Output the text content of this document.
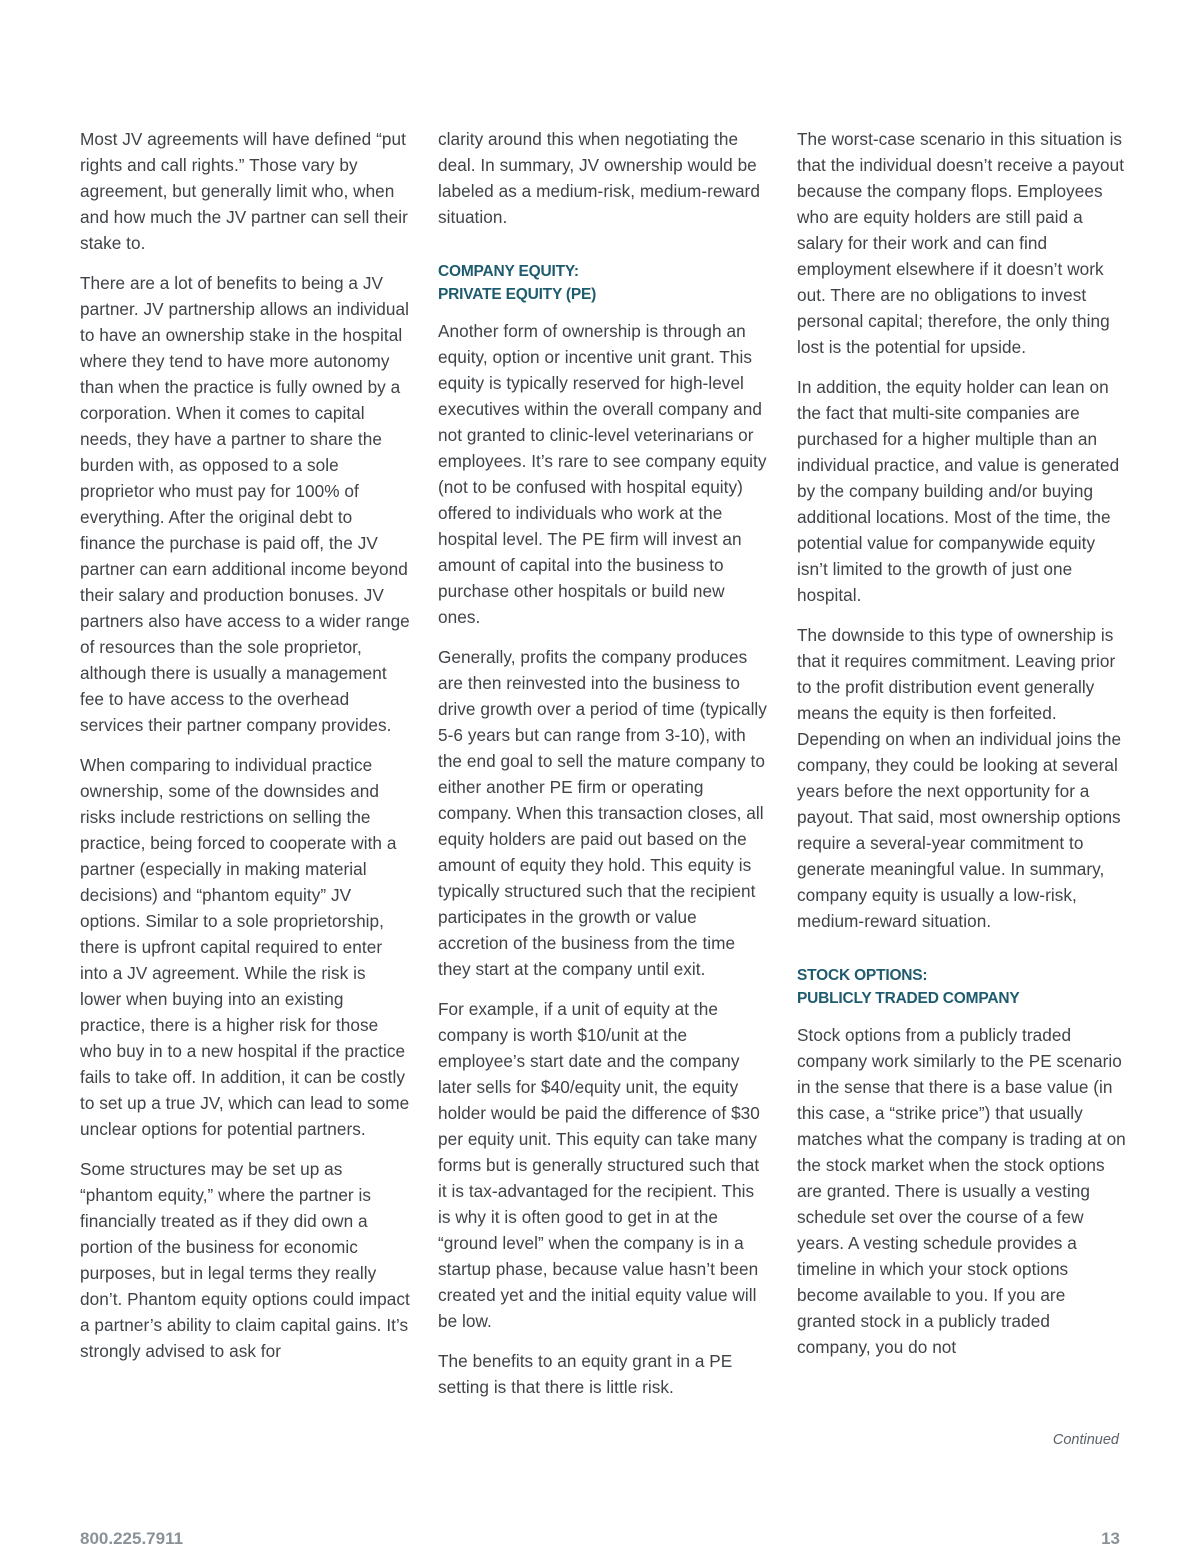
Most JV agreements will have defined “put rights and call rights.” Those vary by agreement, but generally limit who, when and how much the JV partner can sell their stake to.

There are a lot of benefits to being a JV partner. JV partnership allows an individual to have an ownership stake in the hospital where they tend to have more autonomy than when the practice is fully owned by a corporation. When it comes to capital needs, they have a partner to share the burden with, as opposed to a sole proprietor who must pay for 100% of everything. After the original debt to finance the purchase is paid off, the JV partner can earn additional income beyond their salary and production bonuses. JV partners also have access to a wider range of resources than the sole proprietor, although there is usually a management fee to have access to the overhead services their partner company provides.

When comparing to individual practice ownership, some of the downsides and risks include restrictions on selling the practice, being forced to cooperate with a partner (especially in making material decisions) and “phantom equity” JV options. Similar to a sole proprietorship, there is upfront capital required to enter into a JV agreement. While the risk is lower when buying into an existing practice, there is a higher risk for those who buy in to a new hospital if the practice fails to take off. In addition, it can be costly to set up a true JV, which can lead to some unclear options for potential partners.

Some structures may be set up as “phantom equity,” where the partner is financially treated as if they did own a portion of the business for economic purposes, but in legal terms they really don’t. Phantom equity options could impact a partner’s ability to claim capital gains. It’s strongly advised to ask for

clarity around this when negotiating the deal. In summary, JV ownership would be labeled as a medium-risk, medium-reward situation.

COMPANY EQUITY:
PRIVATE EQUITY (PE)

Another form of ownership is through an equity, option or incentive unit grant. This equity is typically reserved for high-level executives within the overall company and not granted to clinic-level veterinarians or employees. It’s rare to see company equity (not to be confused with hospital equity) offered to individuals who work at the hospital level. The PE firm will invest an amount of capital into the business to purchase other hospitals or build new ones.

Generally, profits the company produces are then reinvested into the business to drive growth over a period of time (typically 5-6 years but can range from 3-10), with the end goal to sell the mature company to either another PE firm or operating company. When this transaction closes, all equity holders are paid out based on the amount of equity they hold. This equity is typically structured such that the recipient participates in the growth or value accretion of the business from the time they start at the company until exit.

For example, if a unit of equity at the company is worth $10/unit at the employee’s start date and the company later sells for $40/equity unit, the equity holder would be paid the difference of $30 per equity unit. This equity can take many forms but is generally structured such that it is tax-advantaged for the recipient. This is why it is often good to get in at the “ground level” when the company is in a startup phase, because value hasn’t been created yet and the initial equity value will be low.

The benefits to an equity grant in a PE setting is that there is little risk.

The worst-case scenario in this situation is that the individual doesn’t receive a payout because the company flops. Employees who are equity holders are still paid a salary for their work and can find employment elsewhere if it doesn’t work out. There are no obligations to invest personal capital; therefore, the only thing lost is the potential for upside.

In addition, the equity holder can lean on the fact that multi-site companies are purchased for a higher multiple than an individual practice, and value is generated by the company building and/or buying additional locations. Most of the time, the potential value for companywide equity isn’t limited to the growth of just one hospital.

The downside to this type of ownership is that it requires commitment. Leaving prior to the profit distribution event generally means the equity is then forfeited. Depending on when an individual joins the company, they could be looking at several years before the next opportunity for a payout. That said, most ownership options require a several-year commitment to generate meaningful value. In summary, company equity is usually a low-risk, medium-reward situation.

STOCK OPTIONS:
PUBLICLY TRADED COMPANY

Stock options from a publicly traded company work similarly to the PE scenario in the sense that there is a base value (in this case, a “strike price”) that usually matches what the company is trading at on the stock market when the stock options are granted. There is usually a vesting schedule set over the course of a few years. A vesting schedule provides a timeline in which your stock options become available to you. If you are granted stock in a publicly traded company, you do not

Continued
800.225.7911	13
